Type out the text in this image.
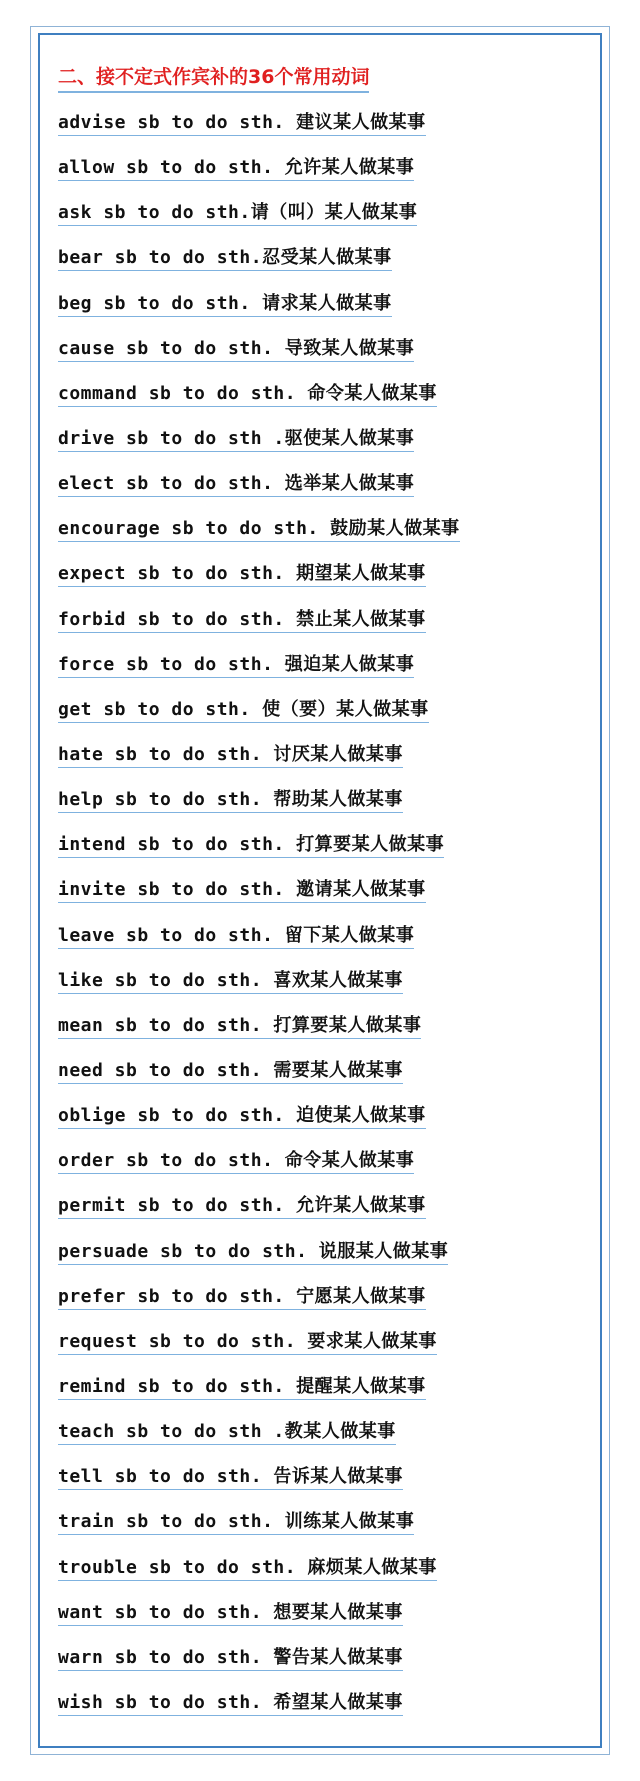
二、接不定式作宾补的36个常用动词
advise sb to do sth. 建议某人做某事
allow sb to do sth. 允许某人做某事
ask sb to do sth.请（叫）某人做某事
bear sb to do sth.忍受某人做某事
beg sb to do sth. 请求某人做某事
cause sb to do sth. 导致某人做某事
command sb to do sth. 命令某人做某事
drive sb to do sth .驱使某人做某事
elect sb to do sth. 选举某人做某事
encourage sb to do sth. 鼓励某人做某事
expect sb to do sth. 期望某人做某事
forbid sb to do sth. 禁止某人做某事
force sb to do sth. 强迫某人做某事
get sb to do sth. 使（要）某人做某事
hate sb to do sth. 讨厌某人做某事
help sb to do sth. 帮助某人做某事
intend sb to do sth. 打算要某人做某事
invite sb to do sth. 邀请某人做某事
leave sb to do sth. 留下某人做某事
like sb to do sth. 喜欢某人做某事
mean sb to do sth. 打算要某人做某事
need sb to do sth. 需要某人做某事
oblige sb to do sth. 迫使某人做某事
order sb to do sth. 命令某人做某事
permit sb to do sth. 允许某人做某事
persuade sb to do sth. 说服某人做某事
prefer sb to do sth. 宁愿某人做某事
request sb to do sth. 要求某人做某事
remind sb to do sth. 提醒某人做某事
teach sb to do sth .教某人做某事
tell sb to do sth. 告诉某人做某事
train sb to do sth. 训练某人做某事
trouble sb to do sth. 麻烦某人做某事
want sb to do sth. 想要某人做某事
warn sb to do sth. 警告某人做某事
wish sb to do sth. 希望某人做某事
